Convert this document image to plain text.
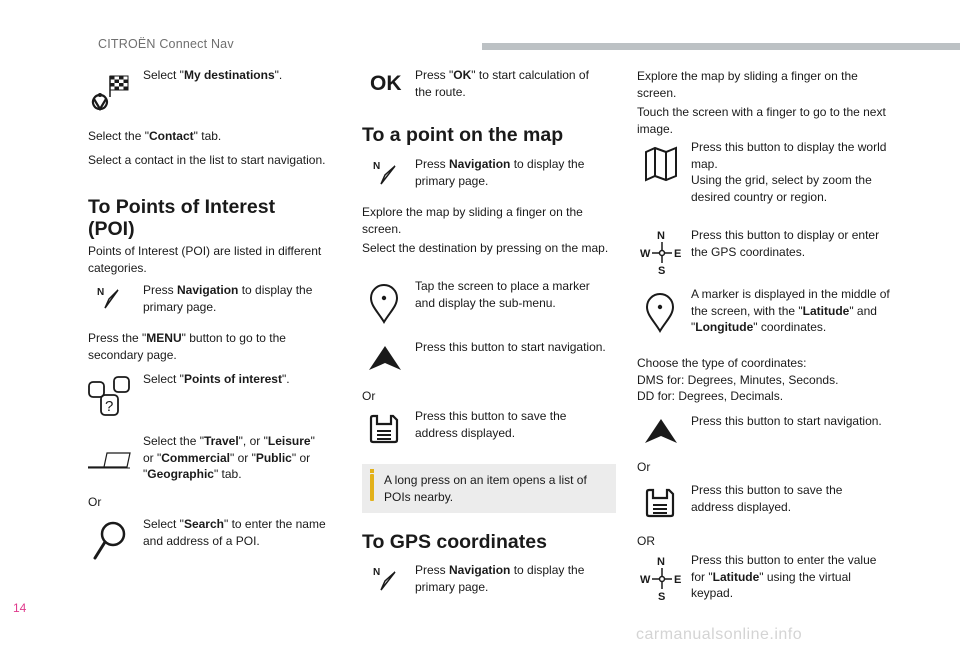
CITROËN Connect Nav
Select "My destinations".
Select the "Contact" tab.
Select a contact in the list to start navigation.
To Points of Interest (POI)
Points of Interest (POI) are listed in different categories.
N	Press Navigation to display the primary page.
Press the "MENU" button to go to the secondary page.
?
Select "Points of interest".
Select the "Travel", or "Leisure" or "Commercial" or "Public" or "Geographic" tab.
Or
Select "Search" to enter the name and address of a POI.
OK Press "OK" to start calculation of the route.
To a point on the map
N	Press Navigation to display the primary page.
Explore the map by sliding a finger on the screen.
Select the destination by pressing on the map.
Tap the screen to place a marker and display the sub-menu.
Press this button to start navigation.
Or
Press this button to save the address displayed.
A long press on an item opens a list of POIs nearby.
To GPS coordinates
N	Press Navigation to display the primary page.
Explore the map by sliding a finger on the screen.
Touch the screen with a finger to go to the next image.
Press this button to display the world map.
Using the grid, select by zoom the desired country or region.
N
W E
S
Press this button to display or enter the GPS coordinates.
A marker is displayed in the middle of the screen, with the "Latitude" and "Longitude" coordinates.
Choose the type of coordinates:
DMS for: Degrees, Minutes, Seconds.
DD for: Degrees, Decimals.
Press this button to start navigation.
Or
Press this button to save the address displayed.
OR
N
W E
S
Press this button to enter the value for "Latitude" using the virtual keypad.
14
carmanualsonline.info
